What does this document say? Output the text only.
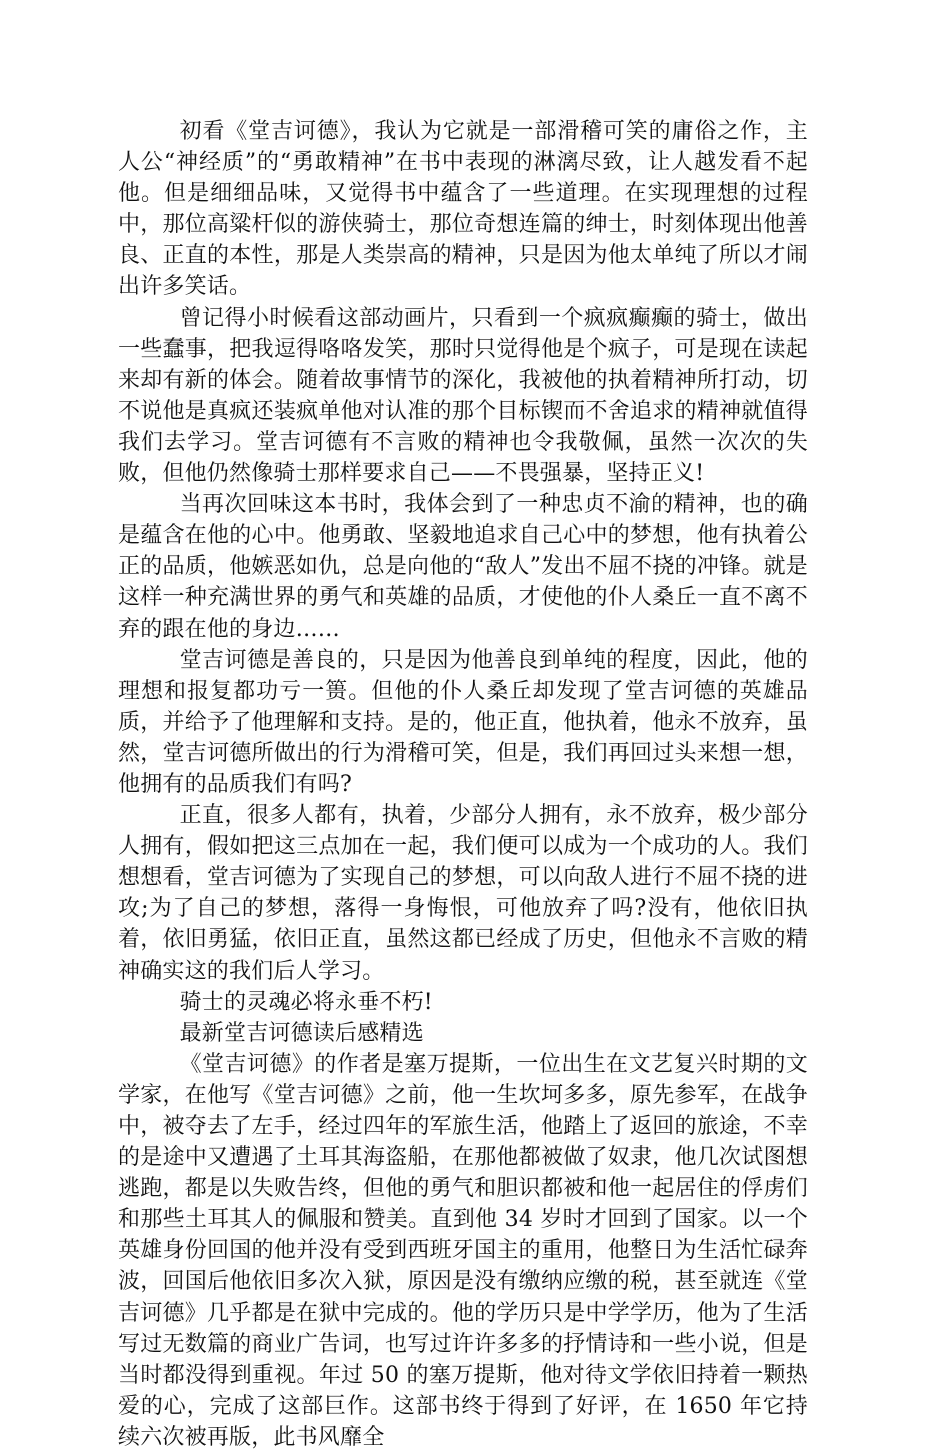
初看《堂吉诃德》，我认为它就是一部滑稽可笑的庸俗之作，主人公“神经质”的“勇敢精神”在书中表现的淋漓尽致，让人越发看不起他。但是细细品味，又觉得书中蕴含了一些道理。在实现理想的过程中，那位高粱杆似的游侠骑士，那位奇想连篇的绅士，时刻体现出他善良、正直的本性，那是人类崇高的精神，只是因为他太单纯了所以才闹出许多笑话。

曾记得小时候看这部动画片，只看到一个疯疯癫癫的骑士，做出一些蠢事，把我逗得咯咯发笑，那时只觉得他是个疯子，可是现在读起来却有新的体会。随着故事情节的深化，我被他的执着精神所打动，切不说他是真疯还装疯单他对认准的那个目标锲而不舍追求的精神就值得我们去学习。堂吉诃德有不言败的精神也令我敬佩，虽然一次次的失败，但他仍然像骑士那样要求自己——不畏强暴，坚持正义!

当再次回味这本书时，我体会到了一种忠贞不渝的精神，也的确是蕴含在他的心中。他勇敢、坚毅地追求自己心中的梦想，他有执着公正的品质，他嫉恶如仇，总是向他的“敌人”发出不屈不挠的冲锋。就是这样一种充满世界的勇气和英雄的品质，才使他的仆人桑丘一直不离不弃的跟在他的身边……

堂吉诃德是善良的，只是因为他善良到单纯的程度，因此，他的理想和报复都功亏一篑。但他的仆人桑丘却发现了堂吉诃德的英雄品质，并给予了他理解和支持。是的，他正直，他执着，他永不放弃，虽然，堂吉诃德所做出的行为滑稽可笑，但是，我们再回过头来想一想，他拥有的品质我们有吗?

正直，很多人都有，执着，少部分人拥有，永不放弃，极少部分人拥有，假如把这三点加在一起，我们便可以成为一个成功的人。我们想想看，堂吉诃德为了实现自己的梦想，可以向敌人进行不屈不挠的进攻;为了自己的梦想，落得一身悔恨，可他放弃了吗?没有，他依旧执着，依旧勇猛，依旧正直，虽然这都已经成了历史，但他永不言败的精神确实这的我们后人学习。

骑士的灵魂必将永垂不朽!

最新堂吉诃德读后感精选

《堂吉诃德》的作者是塞万提斯，一位出生在文艺复兴时期的文学家，在他写《堂吉诃德》之前，他一生坎坷多多，原先参军，在战争中，被夺去了左手，经过四年的军旅生活，他踏上了返回的旅途，不幸的是途中又遭遇了土耳其海盗船，在那他都被做了奴隶，他几次试图想逃跑，都是以失败告终，但他的勇气和胆识都被和他一起居住的俘虏们和那些土耳其人的佩服和赞美。直到他 34 岁时才回到了国家。以一个英雄身份回国的他并没有受到西班牙国主的重用，他整日为生活忙碌奔波，回国后他依旧多次入狱，原因是没有缴纳应缴的税，甚至就连《堂吉诃德》几乎都是在狱中完成的。他的学历只是中学学历，他为了生活写过无数篇的商业广告词，也写过许许多多的抒情诗和一些小说，但是当时都没得到重视。年过 50 的塞万提斯，他对待文学依旧持着一颗热爱的心，完成了这部巨作。这部书终于得到了好评，在 1650 年它持续六次被再版，此书风靡全
